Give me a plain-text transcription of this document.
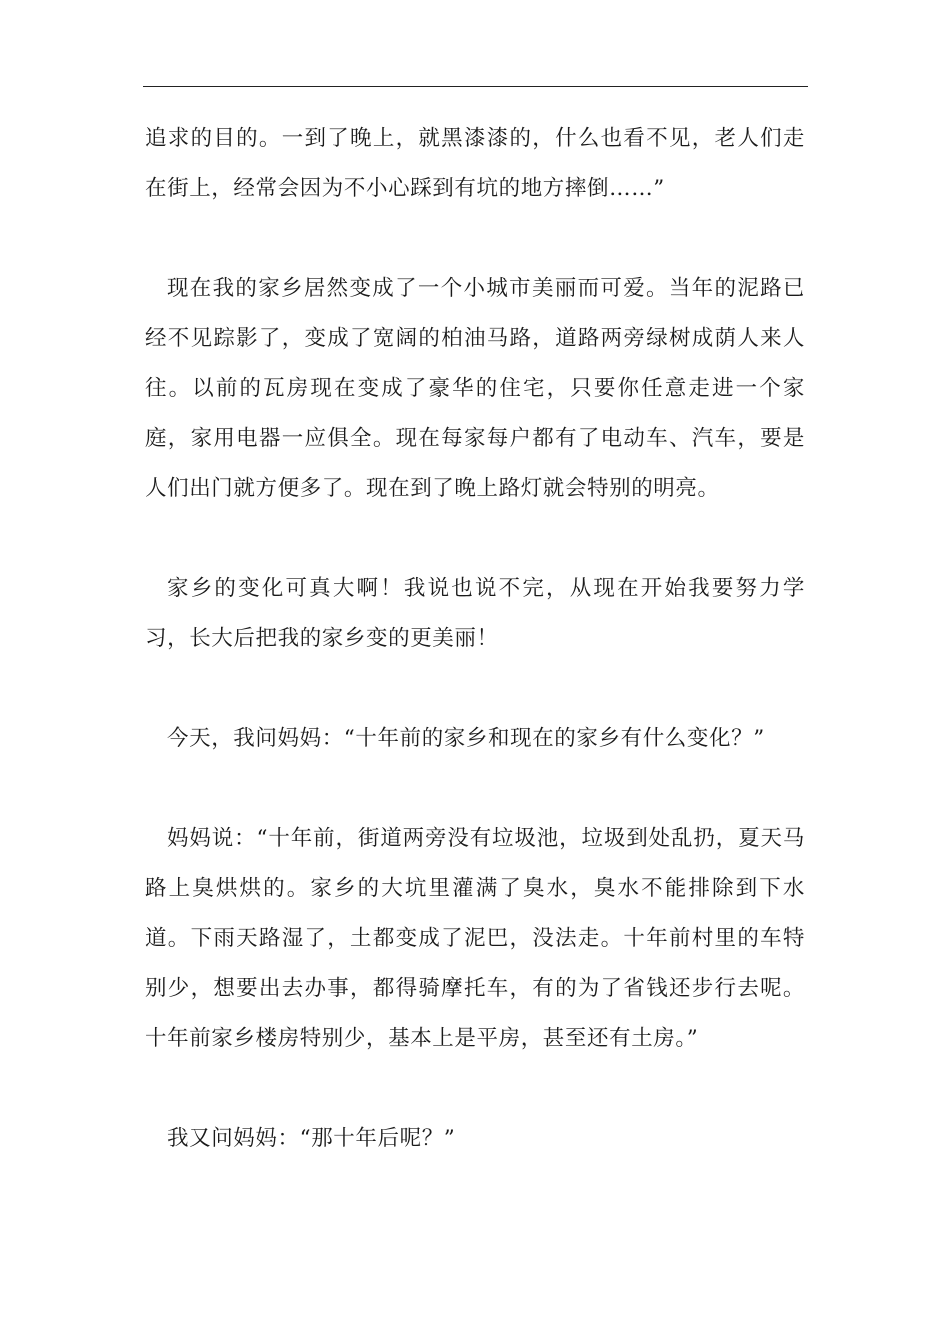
追求的目的。一到了晚上，就黑漆漆的，什么也看不见，老人们走在街上，经常会因为不小心踩到有坑的地方摔倒……”

现在我的家乡居然变成了一个小城市美丽而可爱。当年的泥路已经不见踪影了，变成了宽阔的柏油马路，道路两旁绿树成荫人来人往。以前的瓦房现在变成了豪华的住宅，只要你任意走进一个家庭，家用电器一应俱全。现在每家每户都有了电动车、汽车，要是人们出门就方便多了。现在到了晚上路灯就会特别的明亮。

家乡的变化可真大啊！我说也说不完，从现在开始我要努力学习，长大后把我的家乡变的更美丽！

今天，我问妈妈：“十年前的家乡和现在的家乡有什么变化？”

妈妈说：“十年前，街道两旁没有垃圾池，垃圾到处乱扔，夏天马路上臭烘烘的。家乡的大坑里灌满了臭水，臭水不能排除到下水道。下雨天路湿了，土都变成了泥巴，没法走。十年前村里的车特别少，想要出去办事，都得骑摩托车，有的为了省钱还步行去呢。十年前家乡楼房特别少，基本上是平房，甚至还有土房。”

我又问妈妈：“那十年后呢？”
